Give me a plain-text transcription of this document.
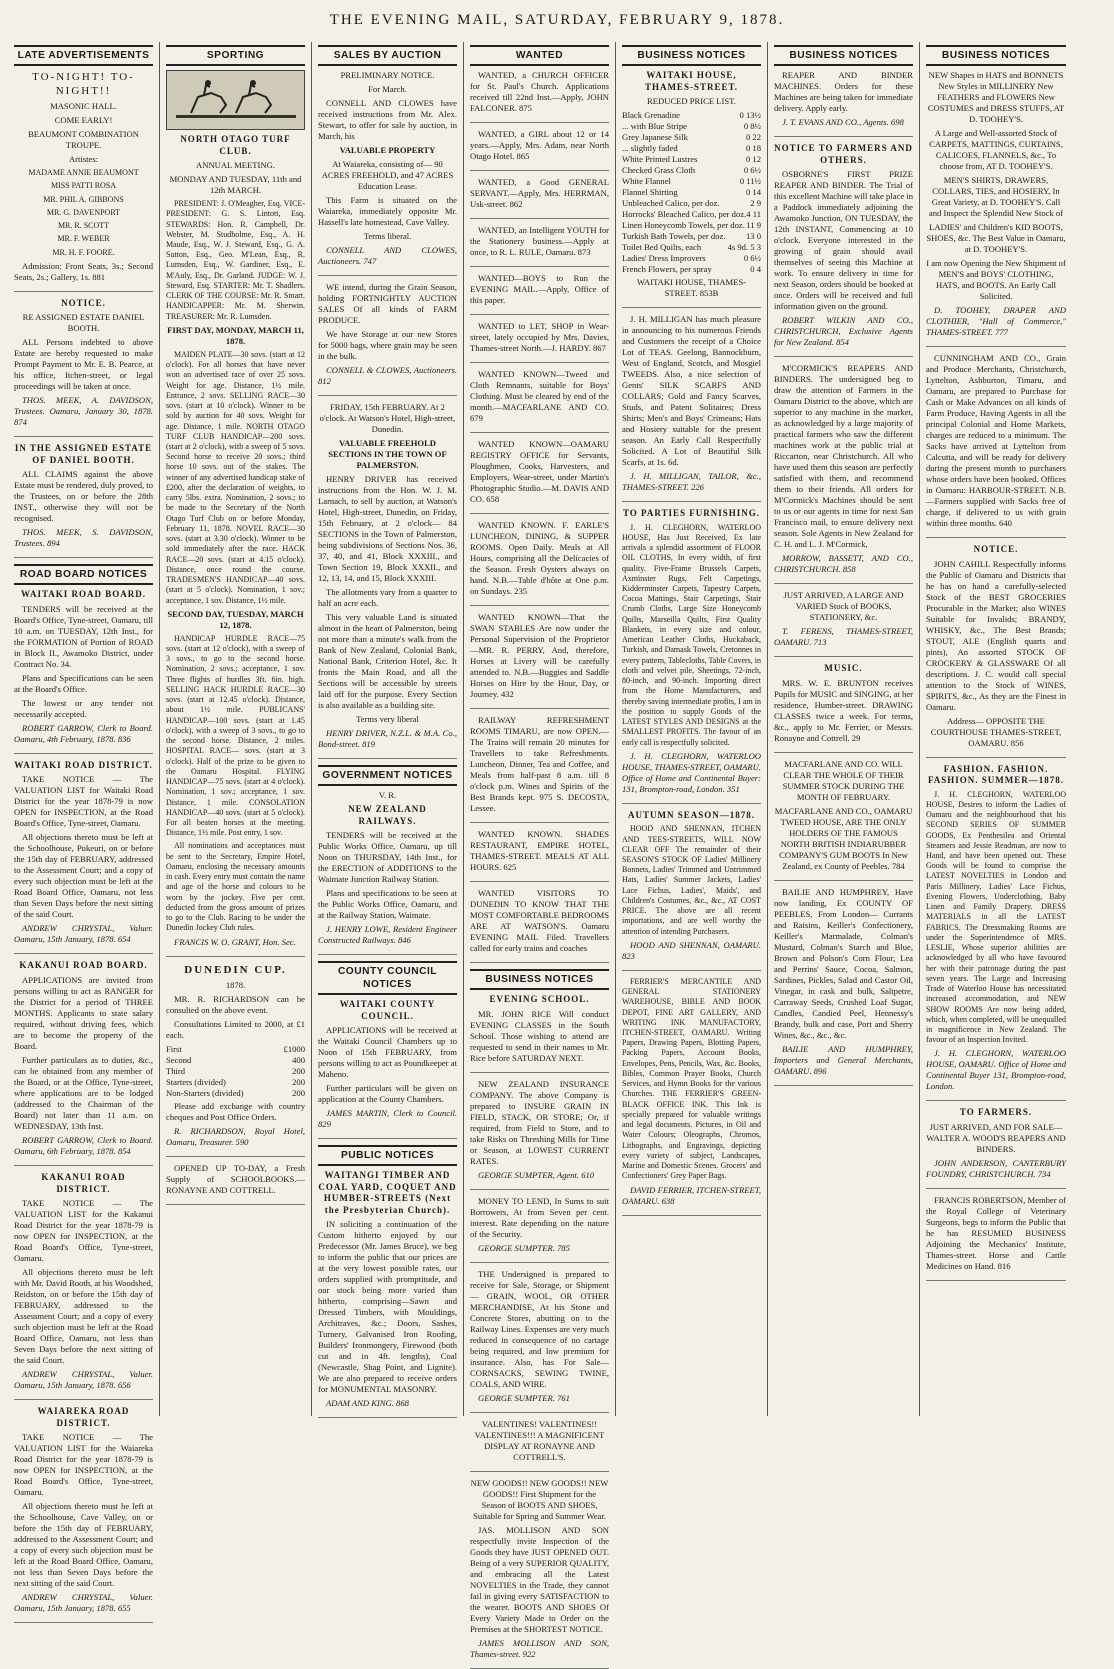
THE EVENING MAIL, SATURDAY, FEBRUARY 9, 1878.
LATE ADVERTISEMENTS

TO-NIGHT! TO-NIGHT!!

MASONIC HALL.

COME EARLY!

BEAUMONT COMBINATION TROUPE.

Artistes:

MADAME ANNIE BEAUMONT

MISS PATTI ROSA

MR. PHIL A. GIBBONS

MR. G. DAVENPORT

MR. R. SCOTT

MR. F. WEBER

MR. H. F. FOORE.

Admission: Front Seats, 3s.; Second Seats, 2s.; Gallery, 1s. 881

NOTICE.

RE ASSIGNED ESTATE DANIEL BOOTH.

ALL Persons indebted to above Estate are hereby requested to make Prompt Payment to Mr. E. B. Pearce, at his office, Itchen-street, or legal proceedings will be taken at once.

THOS. MEEK, A. DAVIDSON, Trustees. Oamaru, January 30, 1878. 874

IN THE ASSIGNED ESTATE OF DANIEL BOOTH.

ALL CLAIMS against the above Estate must be rendered, duly proved, to the Trustees, on or before the 28th INST., otherwise they will not be recognised.

THOS. MEEK, S. DAVIDSON, Trustees. 894

ROAD BOARD NOTICES
WAITAKI ROAD BOARD.

TENDERS will be received at the Board's Office, Tyne-street, Oamaru, till 10 a.m. on TUESDAY, 12th Inst., for the FORMATION of Portion of ROAD in Block II., Awamoko District, under Contract No. 34.

Plans and Specifications can be seen at the Board's Office.

The lowest or any tender not necessarily accepted.

ROBERT GARROW, Clerk to Board. Oamaru, 4th February, 1878. 836

WAITAKI ROAD DISTRICT.

TAKE NOTICE — The VALUATION LIST for Waitaki Road District for the year 1878-79 is now OPEN for INSPECTION, at the Road Board's Office, Tyne-street, Oamaru.

All objections thereto must be left at the Schoolhouse, Pukeuri, on or before the 15th day of FEBRUARY, addressed to the Assessment Court; and a copy of every such objection must be left at the Road Board Office, Oamaru, not less than Seven Days before the next sitting of the said Court.

ANDREW CHRYSTAL, Valuer. Oamaru, 15th January, 1878. 654

KAKANUI ROAD BOARD.

APPLICATIONS are invited from persons willing to act as RANGER for the District for a period of THREE MONTHS. Applicants to state salary required, without driving fees, which are to become the property of the Board.

Further particulars as to duties, &c., can be obtained from any member of the Board, or at the Office, Tyne-street, where applications are to be lodged (addressed to the Chairman of the Board) not later than 11 a.m. on WEDNESDAY, 13th Inst.

ROBERT GARROW, Clerk to Board. Oamaru, 6th February, 1878. 854

KAKANUI ROAD DISTRICT.

TAKE NOTICE — The VALUATION LIST for the Kakanui Road District for the year 1878-79 is now OPEN for INSPECTION, at the Road Board's Office, Tyne-street, Oamaru.

All objections thereto must be left with Mr. David Booth, at his Woodshed, Reidston, on or before the 15th day of FEBRUARY, addressed to the Assessment Court; and a copy of every such objection must be left at the Road Board Office, Oamaru, not less than Seven Days before the next sitting of the said Court.

ANDREW CHRYSTAL, Valuer. Oamaru, 15th January, 1878. 656

WAIAREKA ROAD DISTRICT.

TAKE NOTICE — The VALUATION LIST for the Waiareka Road District for the year 1878-79 is now OPEN for INSPECTION, at the Road Board's Office, Tyne-street, Oamaru.

All objections thereto must be left at the Schoolhouse, Cave Valley, on or before the 15th day of FEBRUARY, addressed to the Assessment Court; and a copy of every such objection must be left at the Road Board Office, Oamaru, not less than Seven Days before the next sitting of the said Court.

ANDREW CHRYSTAL, Valuer. Oamaru, 15th January, 1878. 655

SPORTING
NORTH OTAGO TURF CLUB.

ANNUAL MEETING.

MONDAY AND TUESDAY, 11th and 12th MARCH.

PRESIDENT: J. O'Meagher, Esq. VICE-PRESIDENT: G. S. Lintott, Esq. STEWARDS: Hon. R. Campbell, Dr. Webster, M. Studholme, Esq., A. H. Maude, Esq., W. J. Steward, Esq., G. A. Sutton, Esq., Geo. M'Lean, Esq., R. Lumsden, Esq., W. Gardiner, Esq., E. M'Auly, Esq., Dr. Garland. JUDGE: W. J. Steward, Esq. STARTER: Mr. T. Shadlers. CLERK OF THE COURSE: Mr. R. Smart. HANDICAPPER: Mr. M. Sherwin. TREASURER: Mr. R. Lumsden.

FIRST DAY, MONDAY, MARCH 11, 1878.

MAIDEN PLATE—30 sovs. (start at 12 o'clock). For all horses that have never won an advertised race of over 25 sovs. Weight for age. Distance, 1½ mile. Entrance, 2 sovs. SELLING RACE—30 sovs. (start at 10 o'clock). Winner to be sold by auction for 40 sovs. Weight for age. Distance, 1 mile. NORTH OTAGO TURF CLUB HANDICAP—200 sovs. (start at 2 o'clock), with a sweep of 5 sovs. Second horse to receive 20 sovs.; third horse 10 sovs. out of the stakes. The winner of any advertised handicap stake of £200, after the declaration of weights, to carry 5lbs. extra. Nomination, 2 sovs.; to be made to the Secretary of the North Otago Turf Club on or before Monday, February 11, 1878. NOVEL RACE—30 sovs. (start at 3.30 o'clock). Winner to be sold immediately after the race. HACK RACE—20 sovs. (start at 4.15 o'clock). Distance, once round the course. TRADESMEN'S HANDICAP—40 sovs. (start at 5 o'clock). Nomination, 1 sov.; acceptance, 1 sov. Distance, 1½ mile.

SECOND DAY, TUESDAY, MARCH 12, 1878.

HANDICAP HURDLE RACE—75 sovs. (start at 12 o'clock), with a sweep of 3 sovs., to go to the second horse. Nomination, 2 sovs.; acceptance, 1 sov. Three flights of hurdles 3ft. 6in. high. SELLING HACK HURDLE RACE—30 sovs. (start at 12.45 o'clock). Distance, about 1½ mile. PUBLICANS' HANDICAP—100 sovs. (start at 1.45 o'clock), with a sweep of 3 sovs., to go to the second horse. Distance, 2 miles. HOSPITAL RACE— sovs. (start at 3 o'clock). Half of the prize to be given to the Oamaru Hospital. FLYING HANDICAP—75 sovs. (start at 4 o'clock). Nomination, 1 sov.; acceptance, 1 sov. Distance, 1 mile. CONSOLATION HANDICAP—40 sovs. (start at 5 o'clock). For all beaten horses at the meeting. Distance, 1½ mile. Post entry, 1 sov.

All nominations and acceptances must be sent to the Secretary, Empire Hotel, Oamaru, enclosing the necessary amounts in cash. Every entry must contain the name and age of the horse and colours to be worn by the jockey. Five per cent. deducted from the gross amount of prizes to go to the Club. Racing to be under the Dunedin Jockey Club rules.

FRANCIS W. O. GRANT, Hon. Sec.

DUNEDIN CUP.

1878.

MR. R. RICHARDSON can be consulted on the above event.

Consultations Limited to 2000, at £1 each.

First	£1000
Second	400
Third	200
Starters (divided)	200
Non-Starters (divided)	200

Please add exchange with country cheques and Post Office Orders.

R. RICHARDSON, Royal Hotel, Oamaru, Treasurer. 590

OPENED UP TO-DAY, a Fresh Supply of SCHOOLBOOKS.—RONAYNE AND COTTRELL.

SALES BY AUCTION

PRELIMINARY NOTICE.

For March.

CONNELL AND CLOWES have received instructions from Mr. Alex. Stewart, to offer for sale by auction, in March, his

VALUABLE PROPERTY

At Waiareka, consisting of— 90 ACRES FREEHOLD, and 47 ACRES Education Lease.

This Farm is situated on the Waiareka, immediately opposite Mr. Hassell's late homestead, Cave Valley.

Terms liberal.

CONNELL AND CLOWES, Auctioneers. 747

WE intend, during the Grain Season, holding FORTNIGHTLY AUCTION SALES Of all kinds of FARM PRODUCE.

We have Storage at our new Stores for 5000 bags, where grain may be seen in the bulk.

CONNELL & CLOWES, Auctioneers. 812

FRIDAY, 15th FEBRUARY. At 2 o'clock. At Watson's Hotel, High-street, Dunedin.

VALUABLE FREEHOLD SECTIONS IN THE TOWN OF PALMERSTON.

HENRY DRIVER has received instructions from the Hon. W. J. M. Larnach, to sell by auction, at Watson's Hotel, High-street, Dunedin, on Friday, 15th February, at 2 o'clock— 84 SECTIONS in the Town of Palmerston, being subdivisions of Sections Nos. 36, 37, 40, and 41, Block XXXIII., and Town Section 19, Block XXXII., and 12, 13, 14, and 15, Block XXXIII.

The allotments vary from a quarter to half an acre each.

This very valuable Land is situated almost in the heart of Palmerston, being not more than a minute's walk from the Bank of New Zealand, Colonial Bank, National Bank, Criterion Hotel, &c. It fronts the Main Road, and all the Sections will be accessible by streets laid off for the purpose. Every Section is also available as a building site.

Terms very liberal

HENRY DRIVER, N.Z.L. & M.A. Co., Bond-street. 819

GOVERNMENT NOTICES

V. R.

NEW ZEALAND RAILWAYS.

TENDERS will be received at the Public Works Office, Oamaru, up till Noon on THURSDAY, 14th Inst., for the ERECTION of ADDITIONS to the Waimate Junction Railway Station.

Plans and specifications to be seen at the Public Works Office, Oamaru, and at the Railway Station, Waimate.

J. HENRY LOWE, Resident Engineer Constructed Railways. 846

COUNTY COUNCIL NOTICES
WAITAKI COUNTY COUNCIL.

APPLICATIONS will be received at the Waitaki Council Chambers up to Noon of 15th FEBRUARY, from persons willing to act as Poundkeeper at Maheno.

Further particulars will be given on application at the County Chambers.

JAMES MARTIN, Clerk to Council. 829

PUBLIC NOTICES
WAITANGI TIMBER AND COAL YARD, COQUET AND HUMBER-STREETS (Next the Presbyterian Church).

IN soliciting a continuation of the Custom hitherto enjoyed by our Predecessor (Mr. James Bruce), we beg to inform the public that our prices are at the very lowest possible rates, our orders supplied with promptitude, and our stock being more varied than hitherto, comprising—Sawn and Dressed Timbers, with Mouldings, Architraves, &c.; Doors, Sashes, Turnery, Galvanised Iron Roofing, Builders' Ironmongery, Firewood (both cut and in 4ft. lengths), Coal (Newcastle, Shag Point, and Lignite). We are also prepared to receive orders for MONUMENTAL MASONRY.

ADAM AND KING. 868

WANTED

WANTED, a CHURCH OFFICER for St. Paul's Church. Applications received till 22nd Inst.—Apply, JOHN FALCONER. 875

WANTED, a GIRL about 12 or 14 years.—Apply, Mrs. Adam, near North Otago Hotel. 865

WANTED, a Good GENERAL SERVANT.—Apply, Mrs. HERRMAN, Usk-street. 862

WANTED, an Intelligent YOUTH for the Stationery business.—Apply at once, to R. L. RULE, Oamaru. 873

WANTED—BOYS to Run the EVENING MAIL.—Apply, Office of this paper.

WANTED to LET, SHOP in Wear-street, lately occupied by Mrs. Davies, Thames-street North.—J. HARDY. 867

WANTED KNOWN—Tweed and Cloth Remnants, suitable for Boys' Clothing. Must be cleared by end of the month.—MACFARLANE AND CO. 679

WANTED KNOWN—OAMARU REGISTRY OFFICE for Servants, Ploughmen, Cooks, Harvesters, and Employers, Wear-street, under Martin's Photographic Studio.—M. DAVIS AND CO. 658

WANTED KNOWN. F. EARLE'S LUNCHEON, DINING, & SUPPER ROOMS. Open Daily. Meals at All Hours, comprising all the Delicacies of the Season. Fresh Oysters always on hand. N.B.—Table d'hôte at One p.m. on Sundays. 235

WANTED KNOWN—That the SWAN STABLES Are now under the Personal Supervision of the Proprietor—MR. R. PERRY, And, therefore, Horses at Livery will be carefully attended to. N.B.—Buggies and Saddle Horses on Hire by the Hour, Day, or Journey. 432

RAILWAY REFRESHMENT ROOMS TIMARU, are now OPEN.—The Trains will remain 20 minutes for Travellers to take Refreshments. Luncheon, Dinner, Tea and Coffee, and Meals from half-past 8 a.m. till 8 o'clock p.m. Wines and Spirits of the Best Brands kept. 975 S. DECOSTA, Lessee.

WANTED KNOWN. SHADES RESTAURANT, EMPIRE HOTEL, THAMES-STREET. MEALS AT ALL HOURS. 625

WANTED VISITORS TO DUNEDIN TO KNOW THAT THE MOST COMFORTABLE BEDROOMS ARE AT WATSON'S. Oamaru EVENING MAIL Filed. Travellers called for early trains and coaches

BUSINESS NOTICES
EVENING SCHOOL.

MR. JOHN RICE Will conduct EVENING CLASSES in the South School. Those wishing to attend are requested to send in their names to Mr. Rice before SATURDAY NEXT.

NEW ZEALAND INSURANCE COMPANY. The above Company is prepared to INSURE GRAIN IN FIELD, STACK, OR STORE; Or, if required, from Field to Store, and to take Risks on Threshing Mills for Time or Season, at LOWEST CURRENT RATES.

GEORGE SUMPTER, Agent. 610

MONEY TO LEND, In Sums to suit Borrowers, At from Seven per cent. interest. Rate depending on the nature of the Security.

GEORGE SUMPTER. 785

THE Undersigned is prepared to receive for Sale, Storage, or Shipment— GRAIN, WOOL, OR OTHER MERCHANDISE, At his Stone and Concrete Stores, abutting on to the Railway Lines. Expenses are very much reduced in consequence of no cartage being required, and low premium for insurance. Also, has For Sale— CORNSACKS, SEWING TWINE, COALS, AND WIRE.

GEORGE SUMPTER. 761

VALENTINES! VALENTINES!! VALENTINES!!! A MAGNIFICENT DISPLAY AT RONAYNE AND COTTRELL'S.

NEW GOODS!! NEW GOODS!! NEW GOODS!! First Shipment for the Season of BOOTS AND SHOES, Suitable for Spring and Summer Wear.

JAS. MOLLISON AND SON respectfully invite Inspection of the Goods they have JUST OPENED OUT. Being of a very SUPERIOR QUALITY, and embracing all the Latest NOVELTIES in the Trade, they cannot fail in giving every SATISFACTION to the wearer. BOOTS AND SHOES Of Every Variety Made to Order on the Premises at the SHORTEST NOTICE.

JAMES MOLLISON AND SON, Thames-street. 922

BUSINESS NOTICES
WAITAKI HOUSE, THAMES-STREET.

REDUCED PRICE LIST.

Black Grenadine	0 13½
... with Blue Stripe	0 8½
Grey Japanese Silk	0 22
... slightly faded	0 18
White Printed Lustres	0 12
Checked Grass Cloth	0 6½
White Flannel	0 11½
Flannel Shirting	0 14
Unbleached Calico, per doz.	2 9
Horrocks' Bleached Calico, per doz. 4 11
Linen Honeycomb Towels, per doz. 11 9
Turkish Bath Towels, per doz. 13 0
Toilet Bed Quilts, each	4s 9d. 5 3
Ladies' Dress Improvers	0 6½
French Flowers, per spray	0 4

WAITAKI HOUSE, THAMES-STREET. 853B

J. H. MILLIGAN has much pleasure in announcing to his numerous Friends and Customers the receipt of a Choice Lot of TEAS. Geelong, Bannockburn, West of England, Scotch, and Mosgiel TWEEDS. Also, a nice selection of Gents' SILK SCARFS AND COLLARS; Gold and Fancy Scarves, Studs, and Patent Solitaires; Dress Shirts; Men's and Boys' Crimeans; Hats and Hosiery suitable for the present season. An Early Call Respectfully Solicited. A Lot of Beautiful Silk Scarfs, at 1s. 6d.

J. H. MILLIGAN, TAILOR, &c., THAMES-STREET. 226

TO PARTIES FURNISHING.

J. H. CLEGHORN, WATERLOO HOUSE, Has Just Received, Ex late arrivals a splendid assortment of FLOOR OIL CLOTHS, In every width, of first quality. Five-Frame Brussels Carpets, Axminster Rugs, Felt Carpetings, Kidderminster Carpets, Tapestry Carpets, Cocoa Mattings, Stair Carpetings, Stair Crumb Cloths, Large Size Honeycomb Quilts, Marseilla Quilts, First Quality Blankets, in every size and colour, American Leather Cloths, Huckaback, Turkish, and Damask Towels, Cretonnes in every pattern, Tablecloths, Table Covers, in cloth and velvet pile, Sheetings, 72-inch, 80-inch, and 90-inch. Importing direct from the Home Manufacturers, and thereby saving intermediate profits, I am in the position to supply Goods of the LATEST STYLES AND DESIGNS at the SMALLEST PROFITS. The favour of an early call is respectfully solicited.

J. H. CLEGHORN, WATERLOO HOUSE, THAMES-STREET, OAMARU. Office of Home and Continental Buyer: 131, Brompton-road, London. 351

AUTUMN SEASON—1878.

HOOD AND SHENNAN, ITCHEN AND TEES-STREETS, WILL NOW CLEAR OFF The remainder of their SEASON'S STOCK OF Ladies' Millinery Bonnets, Ladies' Trimmed and Untrimmed Hats, Ladies' Summer Jackets, Ladies' Lace Fichus, Ladies', Maids', and Children's Costumes, &c., &c., AT COST PRICE. The above are all recent importations, and are well worthy the attention of intending Purchasers.

HOOD AND SHENNAN, OAMARU. 823

FERRIER'S MERCANTILE AND GENERAL STATIONERY WAREHOUSE, BIBLE AND BOOK DEPOT, FINE ART GALLERY, AND WRITING INK MANUFACTORY, ITCHEN-STREET, OAMARU. Writing Papers, Drawing Papers, Blotting Papers, Packing Papers, Account Books, Envelopes, Pens, Pencils, Wax, &c. Books, Bibles, Common Prayer Books, Church Services, and Hymn Books for the various Churches. THE FERRIER'S GREEN-BLACK OFFICE INK. This Ink is specially prepared for valuable writings and legal documents. Pictures, in Oil and Water Colours; Oleographs, Chromos, Lithographs, and Engravings, depicting every variety of subject, Landscapes, Marine and Domestic Scenes. Grocers' and Confectioners' Grey Paper Bags.

DAVID FERRIER, ITCHEN-STREET, OAMARU. 638

BUSINESS NOTICES

REAPER AND BINDER MACHINES. Orders for these Machines are being taken for immediate delivery. Apply early.

J. T. EVANS AND CO., Agents. 698

NOTICE TO FARMERS AND OTHERS.

OSBORNE'S FIRST PRIZE REAPER AND BINDER. The Trial of this excellent Machine will take place in a Paddock immediately adjoining the Awamoko Junction, ON TUESDAY, the 12th INSTANT, Commencing at 10 o'clock. Everyone interested in the growing of grain should avail themselves of seeing this Machine at work. To ensure delivery in time for next Season, orders should be booked at once. Orders will be received and full information given on the ground.

ROBERT WILKIN AND CO., CHRISTCHURCH, Exclusive Agents for New Zealand. 854

M'CORMICK'S REAPERS AND BINDERS. The undersigned beg to draw the attention of Farmers in the Oamaru District to the above, which are superior to any machine in the market, as acknowledged by a large majority of practical farmers who saw the different machines work at the public trial at Riccarton, near Christchurch. All who have used them this season are perfectly satisfied with them, and recommend them to their friends. All orders for M'Cormick's Machines should be sent to us or our agents in time for next San Francisco mail, to ensure delivery next season. Sole Agents in New Zealand for C. H. and L. J. M'Cormick,

MORROW, BASSETT, AND CO., CHRISTCHURCH. 858

JUST ARRIVED, A LARGE AND VARIED Stock of BOOKS, STATIONERY, &c.

T. FERENS, THAMES-STREET, OAMARU. 713

MUSIC.

MRS. W. E. BRUNTON receives Pupils for MUSIC and SINGING, at her residence, Humber-street. DRAWING CLASSES twice a week. For terms, &c., apply to Mr. Ferrier, or Messrs. Ronayne and Cottrell. 29

MACFARLANE AND CO. WILL CLEAR THE WHOLE OF THEIR SUMMER STOCK DURING THE MONTH OF FEBRUARY.

MACFARLANE AND CO., OAMARU TWEED HOUSE, ARE THE ONLY HOLDERS OF THE FAMOUS NORTH BRITISH INDIARUBBER COMPANY'S GUM BOOTS In New Zealand, ex County of Peebles. 784

BAILIE AND HUMPHREY, Have now landing, Ex COUNTY OF PEEBLES, From London— Currants and Raisins, Keiller's Confectionery, Keiller's Marmalade, Colman's Mustard, Colman's Starch and Blue, Brown and Polson's Corn Flour, Lea and Perrins' Sauce, Cocoa, Salmon, Sardines, Pickles, Salad and Castor Oil, Vinegar, in cask and bulk, Saltpetre, Carraway Seeds, Crushed Loaf Sugar, Candles, Candied Peel, Hennessy's Brandy, bulk and case, Port and Sherry Wines, &c., &c., &c.

BAILIE AND HUMPHREY, Importers and General Merchants, OAMARU. 896

BUSINESS NOTICES

NEW Shapes in HATS and BONNETS New Styles in MILLINERY New FEATHERS and FLOWERS New COSTUMES and DRESS STUFFS, AT D. TOOHEY'S.

A Large and Well-assorted Stock of CARPETS, MATTINGS, CURTAINS, CALICOES, FLANNELS, &c., To choose from, AT D. TOOHEY'S.

MEN'S SHIRTS, DRAWERS, COLLARS, TIES, and HOSIERY, In Great Variety, at D. TOOHEY'S. Call and Inspect the Splendid New Stock of

LADIES' and Children's KID BOOTS, SHOES, &c. The Best Value in Oamaru, at D. TOOHEY'S.

I am now Opening the New Shipment of MEN'S and BOYS' CLOTHING, HATS, and BOOTS. An Early Call Solicited.

D. TOOHEY, DRAPER AND CLOTHIER, "Hall of Commerce," THAMES-STREET. 777

CUNNINGHAM AND CO., Grain and Produce Merchants, Christchurch, Lyttelton, Ashburton, Timaru, and Oamaru, are prepared to Purchase for Cash or Make Advances on all kinds of Farm Produce, Having Agents in all the principal Colonial and Home Markets, charges are reduced to a minimum. The Sacks have arrived at Lyttelton from Calcutta, and will be ready for delivery during the present month to purchasers whose orders have been booked. Offices in Oamaru: HARBOUR-STREET. N.B.—Farmers supplied with Sacks free of charge, if delivered to us with grain within three months. 640

NOTICE.

JOHN CAHILL Respectfully informs the Public of Oamaru and Districts that he has on hand a carefully-selected Stock of the BEST GROCERIES Procurable in the Market; also WINES Suitable for Invalids; BRANDY, WHISKY, &c., The Best Brands; STOUT, ALE (English quarts and pints), An assorted STOCK OF CROCKERY & GLASSWARE Of all descriptions. J. C. would call special attention to the Stock of WINES, SPIRITS, &c., As they are the Finest in Oamaru.

Address— OPPOSITE THE COURTHOUSE THAMES-STREET, OAMARU. 856

FASHION. FASHION. FASHION. SUMMER—1878.

J. H. CLEGHORN, WATERLOO HOUSE, Desires to inform the Ladies of Oamaru and the neighbourhood that his SECOND SERIES OF SUMMER GOODS, Ex Penthesilea and Oriental Steamers and Jessie Readman, are now to Hand, and have been opened out. These Goods will be found to comprise the LATEST NOVELTIES in London and Paris Millinery, Ladies' Lace Fichus, Evening Flowers, Underclothing, Baby Linen and Family Drapery. DRESS MATERIALS in all the LATEST FABRICS. The Dressmaking Rooms are under the Superintendence of MRS. LESLIE, Whose superior abilities are acknowledged by all who have favoured her with their patronage during the past seven years. The Large and Increasing Trade of Waterloo House has necessitated increased accommodation, and NEW SHOW ROOMS Are now being added, which, when completed, will be unequalled in magnificence in New Zealand. The favour of an Inspection Invited.

J. H. CLEGHORN, WATERLOO HOUSE, OAMARU. Office of Home and Continental Buyer 131, Brompton-road, London.

TO FARMERS.

JUST ARRIVED, AND FOR SALE— WALTER A. WOOD'S REAPERS AND BINDERS.

JOHN ANDERSON, CANTERBURY FOUNDRY, CHRISTCHURCH. 734

FRANCIS ROBERTSON, Member of the Royal College of Veterinary Surgeons, begs to inform the Public that he has RESUMED BUSINESS Adjoining the Mechanics' Institute, Thames-street. Horse and Cattle Medicines on Hand. 816
